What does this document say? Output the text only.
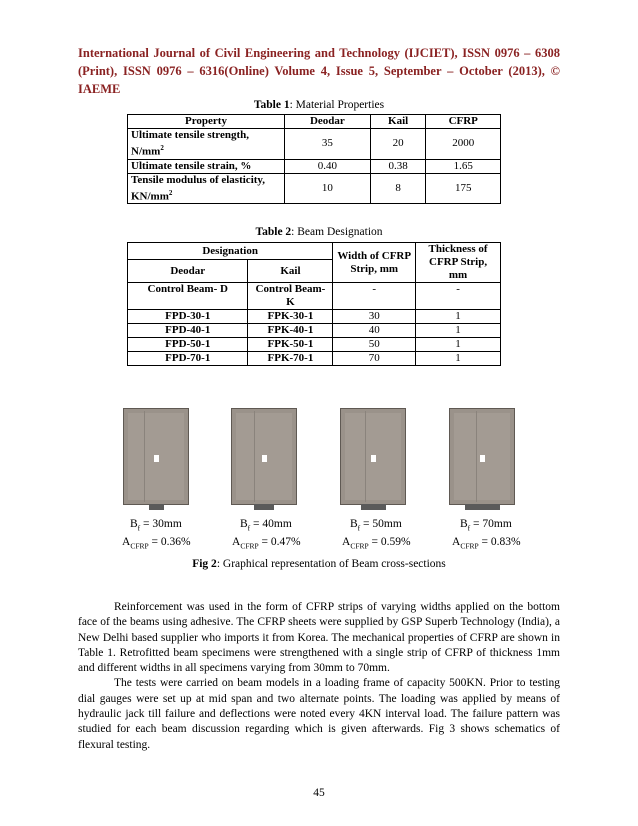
International Journal of Civil Engineering and Technology (IJCIET), ISSN 0976 – 6308
(Print), ISSN 0976 – 6316(Online) Volume 4, Issue 5, September – October (2013), © IAEME
Table 1: Material Properties
Property	Deodar	Kail	CFRP
Ultimate tensile strength, $N/mm^2$	35	20	2000
Ultimate tensile strain, %	0.40	0.38	1.65
Tensile modulus of elasticity, $KN/mm^2$	10	8	175
Table 2: Beam Designation
Designation		Width of CFRP Strip, mm	Thickness of CFRP Strip, mm
Deodar	Kail		
Control Beam- D	Control Beam- K	-	-
FPD-30-1	FPK-30-1	30	1
FPD-40-1	FPK-40-1	40	1
FPD-50-1	FPK-50-1	50	1
FPD-70-1	FPK-70-1	70	1
$B_f = 30mm$
$A_{CFRP} = 0.36\%$
$B_f = 40mm$
$A_{CFRP} = 0.47\%$
$B_f = 50mm$
$A_{CFRP} = 0.59\%$
$B_f = 70mm$
$A_{CFRP} = 0.83\%$
Fig 2: Graphical representation of Beam cross-sections

Reinforcement was used in the form of CFRP strips of varying widths applied on the bottom face of the beams using adhesive. The CFRP sheets were supplied by GSP Superb Technology (India), a New Delhi based supplier who imports it from Korea. The mechanical properties of CFRP are shown in Table 1. Retrofitted beam specimens were strengthened with a single strip of CFRP of thickness 1mm and different widths in all specimens varying from 30mm to 70mm.

The tests were carried on beam models in a loading frame of capacity 500KN. Prior to testing dial gauges were set up at mid span and two alternate points. The loading was applied by means of hydraulic jack till failure and deflections were noted every 4KN interval load. The failure pattern was studied for each beam discussion regarding which is given afterwards. Fig 3 shows schematics of flexural testing.

45
